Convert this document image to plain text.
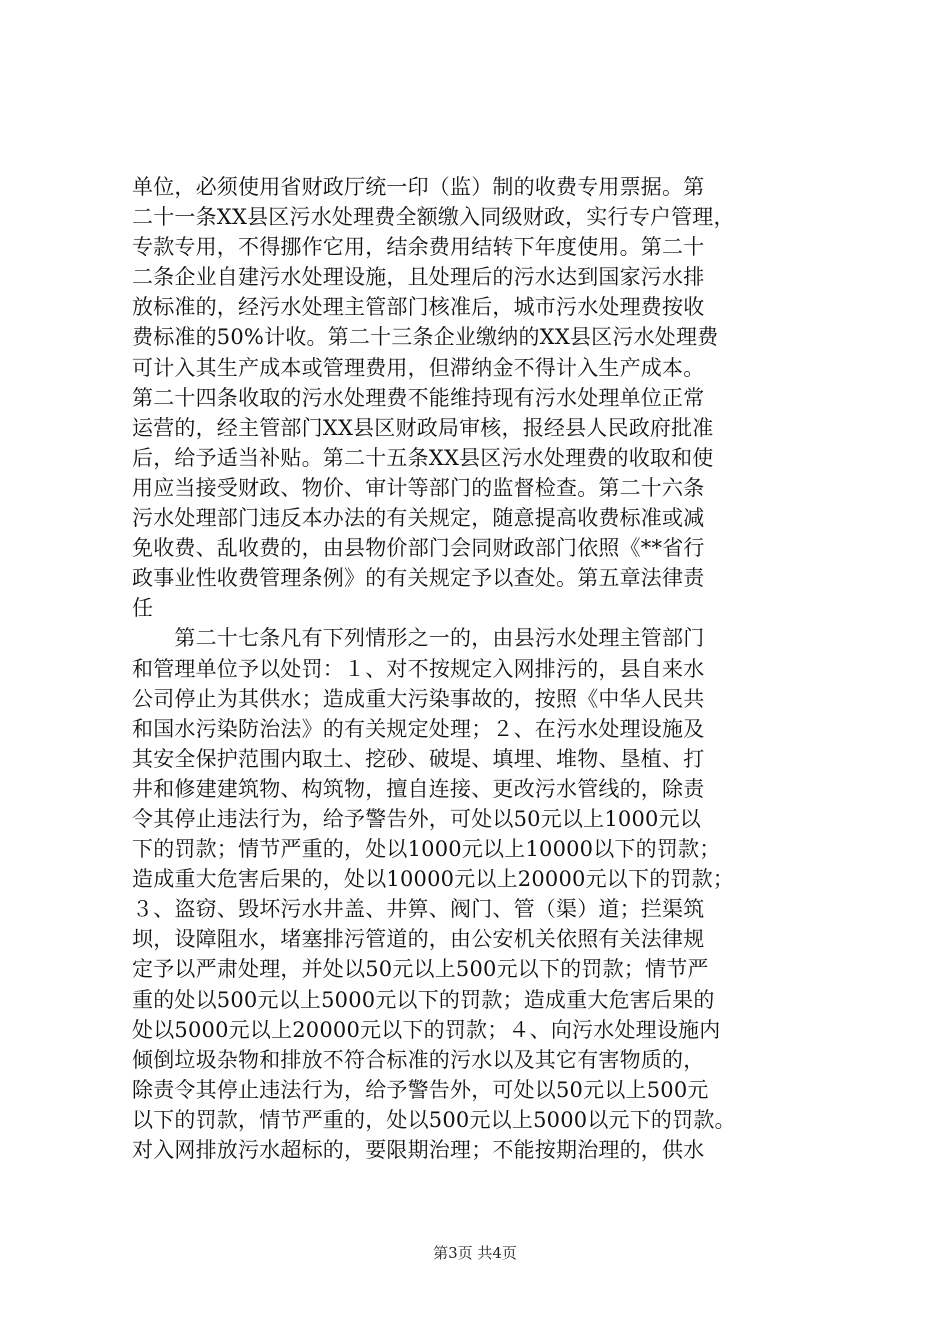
单位，必须使用省财政厅统一印（监）制的收费专用票据。第
二十一条XX县区污水处理费全额缴入同级财政，实行专户管理，
专款专用，不得挪作它用，结余费用结转下年度使用。第二十
二条企业自建污水处理设施，且处理后的污水达到国家污水排
放标准的，经污水处理主管部门核准后，城市污水处理费按收
费标准的50%计收。第二十三条企业缴纳的XX县区污水处理费
可计入其生产成本或管理费用，但滞纳金不得计入生产成本。
第二十四条收取的污水处理费不能维持现有污水处理单位正常
运营的，经主管部门XX县区财政局审核，报经县人民政府批准
后，给予适当补贴。第二十五条XX县区污水处理费的收取和使
用应当接受财政、物价、审计等部门的监督检查。第二十六条
污水处理部门违反本办法的有关规定，随意提高收费标准或减
免收费、乱收费的，由县物价部门会同财政部门依照《**省行
政事业性收费管理条例》的有关规定予以查处。第五章法律责
任
　　第二十七条凡有下列情形之一的，由县污水处理主管部门
和管理单位予以处罚：１、对不按规定入网排污的，县自来水
公司停止为其供水；造成重大污染事故的，按照《中华人民共
和国水污染防治法》的有关规定处理；２、在污水处理设施及
其安全保护范围内取土、挖砂、破堤、填埋、堆物、垦植、打
井和修建建筑物、构筑物，擅自连接、更改污水管线的，除责
令其停止违法行为，给予警告外，可处以50元以上1000元以
下的罚款；情节严重的，处以1000元以上10000以下的罚款；
造成重大危害后果的，处以10000元以上20000元以下的罚款；
３、盗窃、毁坏污水井盖、井箅、阀门、管（渠）道；拦渠筑
坝，设障阻水，堵塞排污管道的，由公安机关依照有关法律规
定予以严肃处理，并处以50元以上500元以下的罚款；情节严
重的处以500元以上5000元以下的罚款；造成重大危害后果的
处以5000元以上20000元以下的罚款；４、向污水处理设施内
倾倒垃圾杂物和排放不符合标准的污水以及其它有害物质的，
除责令其停止违法行为，给予警告外，可处以50元以上500元
以下的罚款，情节严重的，处以500元以上5000以元下的罚款。
对入网排放污水超标的，要限期治理；不能按期治理的，供水
第3页 共4页
